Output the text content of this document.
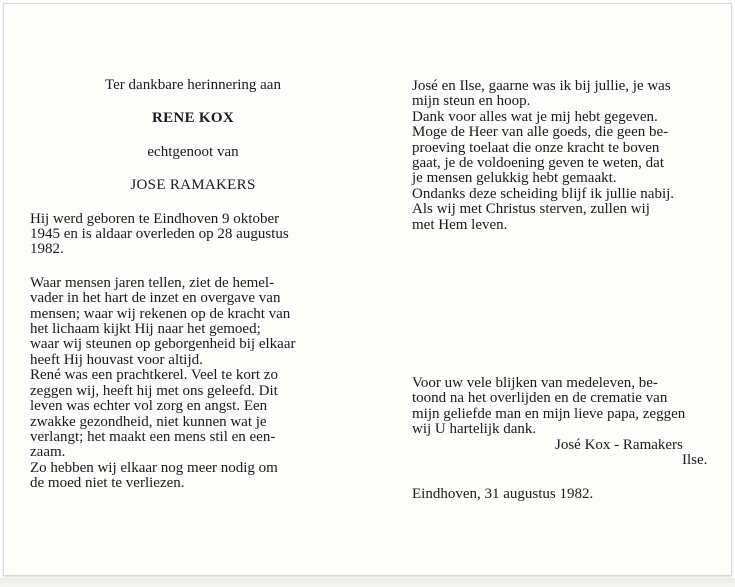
Ter dankbare herinnering aan

RENE KOX

echtgenoot van

JOSE RAMAKERS

Hij werd geboren te Eindhoven 9 oktober

1945 en is aldaar overleden op 28 augustus

1982.

Waar mensen jaren tellen, ziet de hemel-

vader in het hart de inzet en overgave van

mensen; waar wij rekenen op de kracht van

het lichaam kijkt Hij naar het gemoed;

waar wij steunen op geborgenheid bij elkaar

heeft Hij houvast voor altijd.

René was een prachtkerel. Veel te kort zo

zeggen wij, heeft hij met ons geleefd. Dit

leven was echter vol zorg en angst. Een

zwakke gezondheid, niet kunnen wat je

verlangt; het maakt een mens stil en een-

zaam.

Zo hebben wij elkaar nog meer nodig om

de moed niet te verliezen.

José en Ilse, gaarne was ik bij jullie, je was

mijn steun en hoop.

Dank voor alles wat je mij hebt gegeven.

Moge de Heer van alle goeds, die geen be-

proeving toelaat die onze kracht te boven

gaat, je de voldoening geven te weten, dat

je mensen gelukkig hebt gemaakt.

Ondanks deze scheiding blijf ik jullie nabij.

Als wij met Christus sterven, zullen wij

met Hem leven.

Voor uw vele blijken van medeleven, be-

toond na het overlijden en de crematie van

mijn geliefde man en mijn lieve papa, zeggen

wij U hartelijk dank.

José Kox - Ramakers

Ilse.

Eindhoven, 31 augustus 1982.
